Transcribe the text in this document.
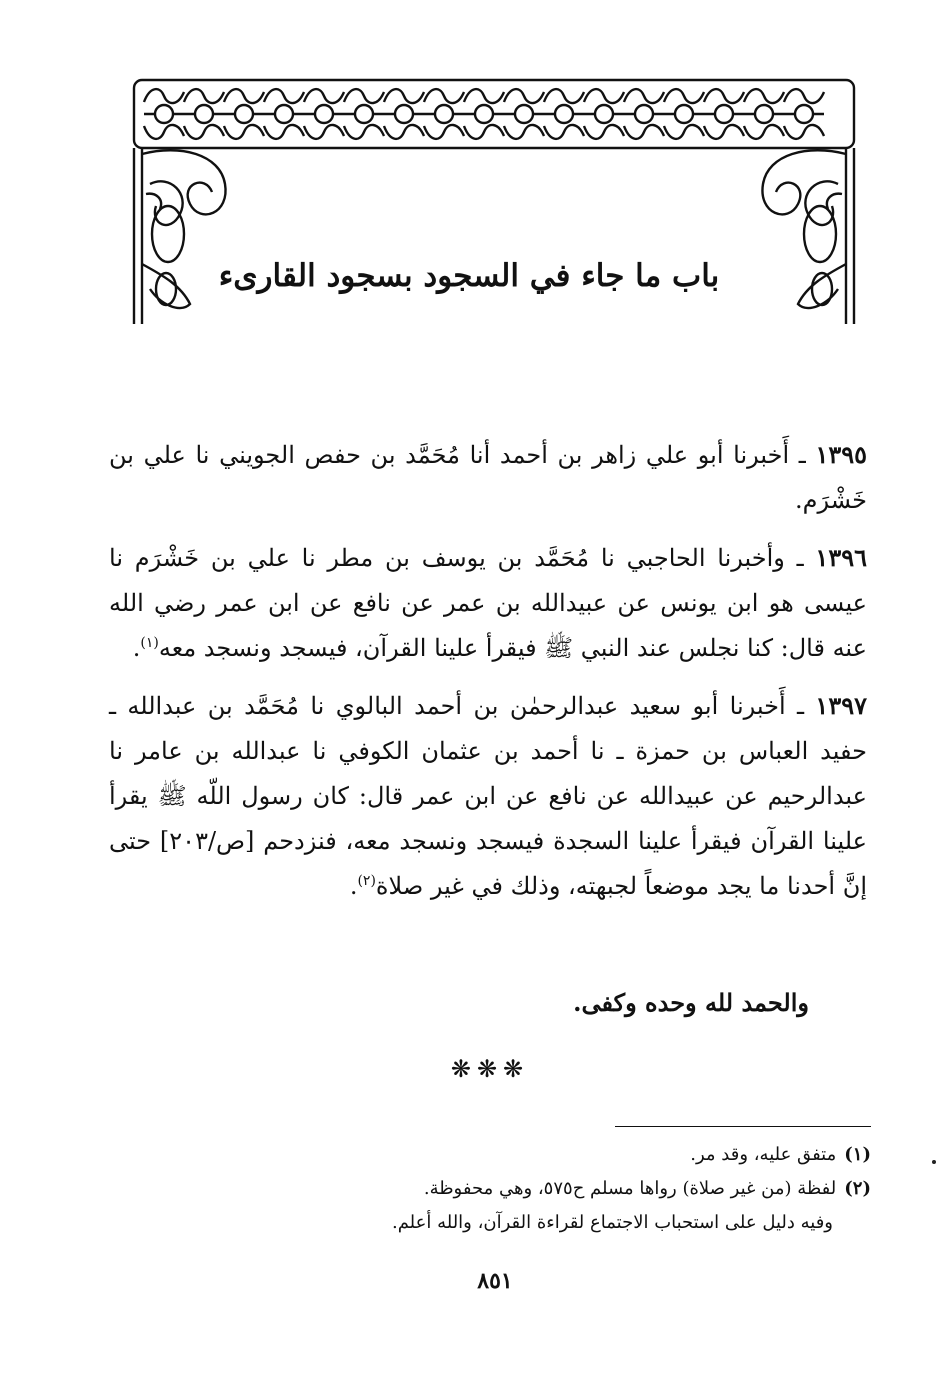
باب ما جاء في السجود بسجود القارىء

١٣٩٥ ـ أَخبرنا أبو علي زاهر بن أحمد أنا مُحَمَّد بن حفص الجويني نا علي بن خَشْرَم.

١٣٩٦ ـ وأخبرنا الحاجبي نا مُحَمَّد بن يوسف بن مطر نا علي بن خَشْرَم نا عيسى هو ابن يونس عن عبيدالله بن عمر عن نافع عن ابن عمر رضي الله عنه قال: كنا نجلس عند النبي ﷺ فيقرأ علينا القرآن، فيسجد ونسجد معه$^{(١)}$.

١٣٩٧ ـ أَخبرنا أبو سعيد عبدالرحمٰن بن أحمد البالوي نا مُحَمَّد بن عبدالله ـ حفيد العباس بن حمزة ـ نا أحمد بن عثمان الكوفي نا عبدالله بن عامر نا عبدالرحيم عن عبيدالله عن نافع عن ابن عمر قال: كان رسول اللّه ﷺ يقرأ علينا القرآن فيقرأ علينا السجدة فيسجد ونسجد معه، فنزدحم [ص/٢٠٣] حتى إنَّ أحدنا ما يجد موضعاً لجبهته، وذلك في غير صلاة$^{(٢)}$.

والحمد لله وحده وكفى.
❋❋❋
(١)متفق عليه، وقد مر.
(٢)لفظة (من غير صلاة) رواها مسلم ح٥٧٥، وهي محفوظة.
وفيه دليل على استحباب الاجتماع لقراءة القرآن، والله أعلم.
٨٥١
